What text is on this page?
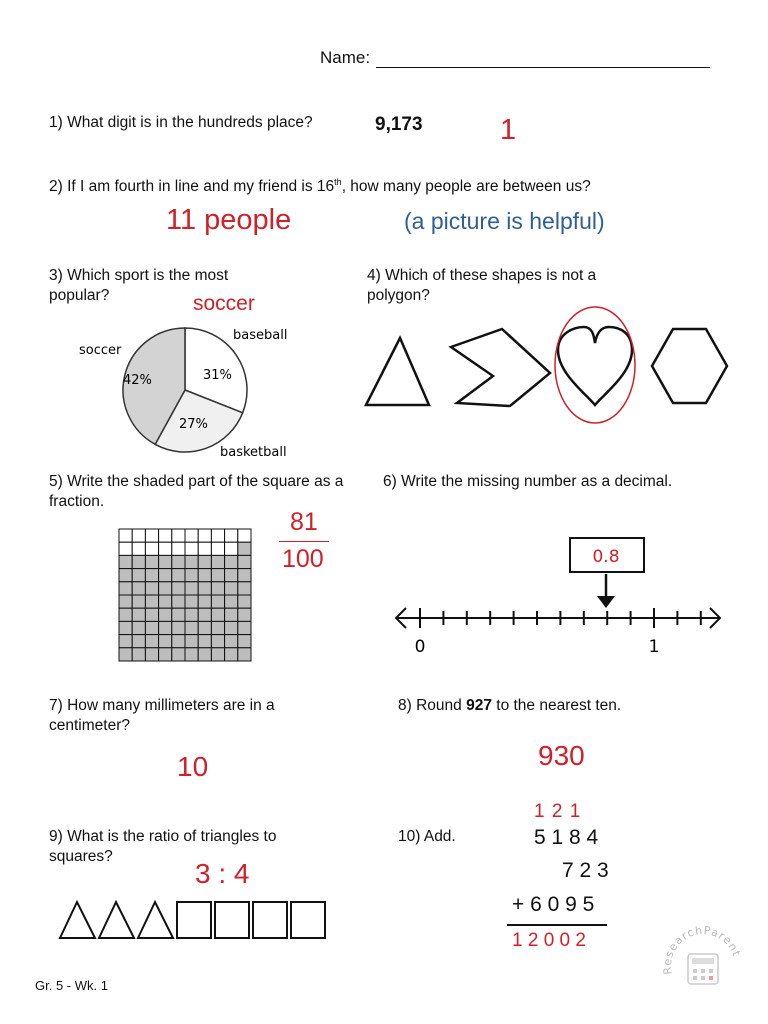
Name:
1) What digit is in the hundreds place?	9,173	1
2) If I am fourth in line and my friend is 16th, how many people are between us?
11 people	(a picture is helpful)
3) Which sport is the most popular?	soccer
soccer
baseball
basketball
42%	31%
27%
4) Which of these shapes is not a polygon?
5) Write the shaded part of the square as a fraction.
81
100
6) Write the missing number as a decimal.
0.8
0	1
7) How many millimeters are in a centimeter?
10
8) Round 927 to the nearest ten.
930
9) What is the ratio of triangles to squares?
3 : 4
10) Add.
1 2 1
5 1 8 4
7 2 3
+ 6 0 9 5
1 2 0 0 2
Gr. 5 - Wk. 1
ResearchParent
